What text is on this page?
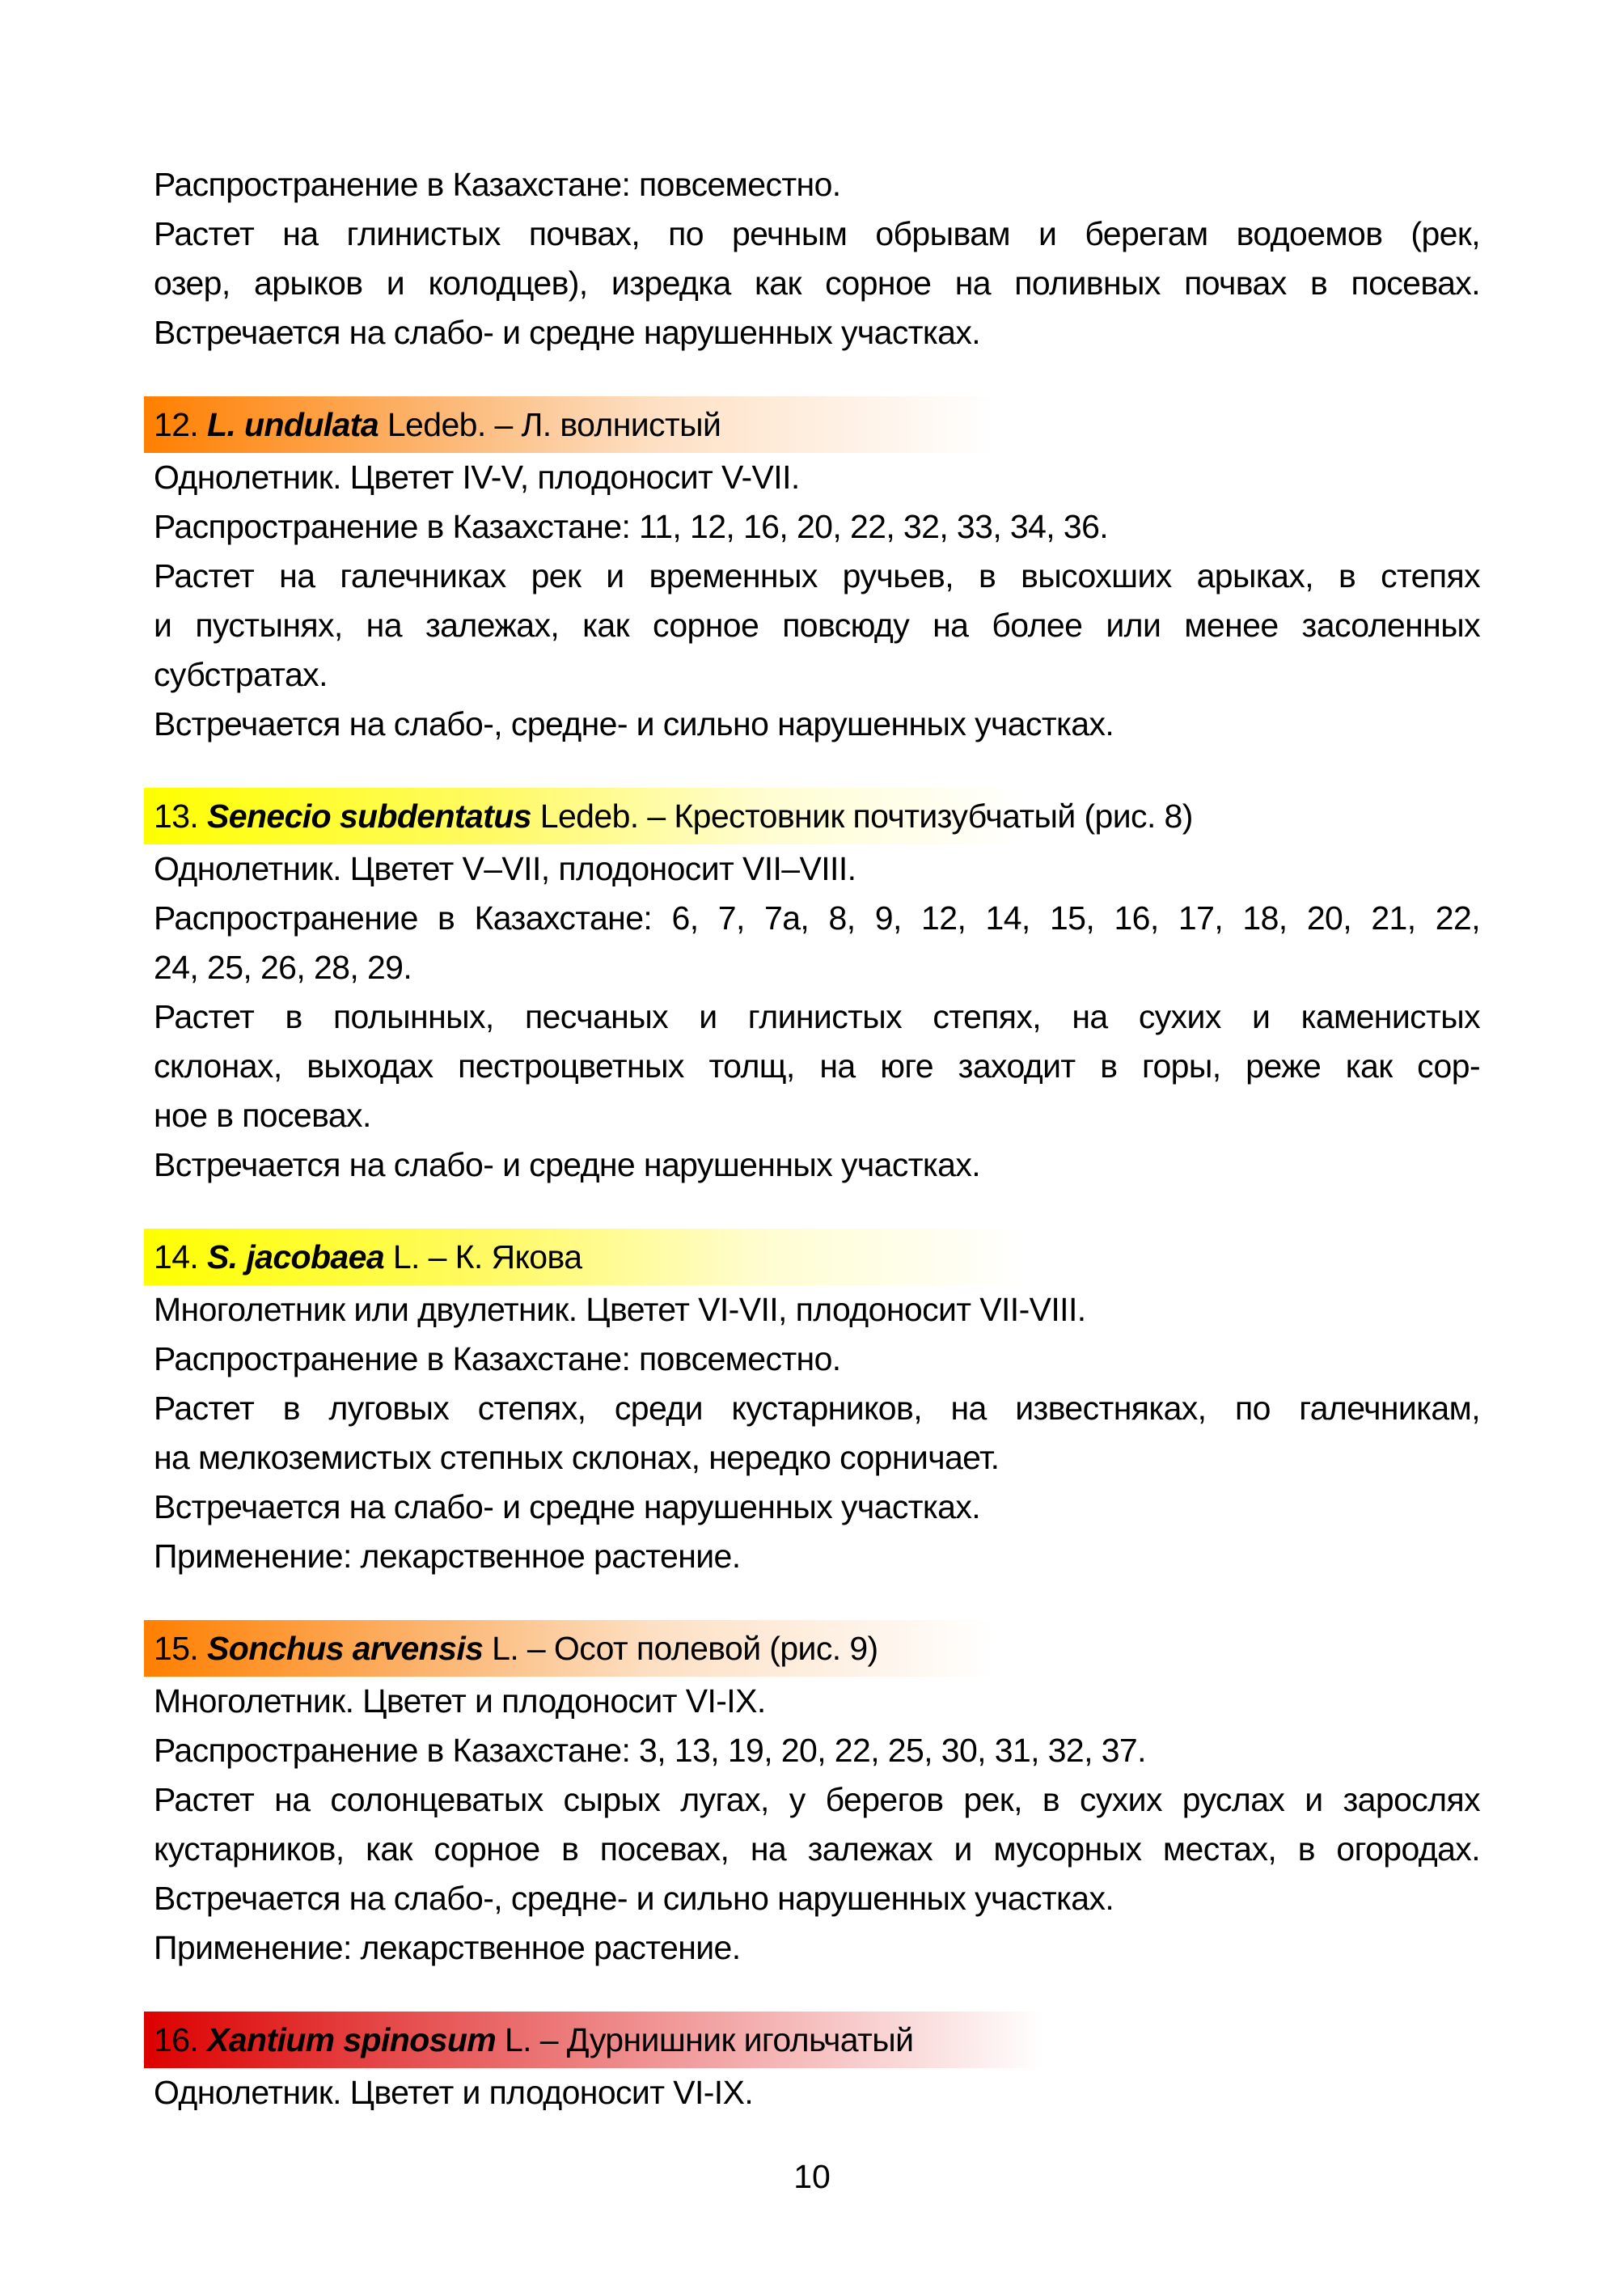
Распространение в Казахстане: повсеместно.
Растет на глинистых почвах, по речным обрывам и берегам водоемов (рек,
озер, арыков и колодцев), изредка как сорное на поливных почвах в посевах.
Встречается на слабо- и средне нарушенных участках.
12. L. undulata Ledeb. – Л. волнистый
Однолетник. Цветет IV-V, плодоносит V-VII.
Распространение в Казахстане: 11, 12, 16, 20, 22, 32, 33, 34, 36.
Растет на галечниках рек и временных ручьев, в высохших арыках, в степях
и пустынях, на залежах, как сорное повсюду на более или менее засоленных
субстратах.
Встречается на слабо-, средне- и сильно нарушенных участках.
13. Senecio subdentatus Ledeb. – Крестовник почтизубчатый (рис. 8)
Однолетник. Цветет V–VII, плодоносит VII–VIII.
Распространение в Казахстане: 6, 7, 7а, 8, 9, 12, 14, 15, 16, 17, 18, 20, 21, 22,
24, 25, 26, 28, 29.
Растет в полынных, песчаных и глинистых степях, на сухих и каменистых
склонах, выходах пестроцветных толщ, на юге заходит в горы, реже как сор-
ное в посевах.
Встречается на слабо- и средне нарушенных участках.
14. S. jacobaea L. – К. Якова
Многолетник или двулетник. Цветет VI-VII, плодоносит VII-VIII.
Распространение в Казахстане: повсеместно.
Растет в луговых степях, среди кустарников, на известняках, по галечникам,
на мелкоземистых степных склонах, нередко сорничает.
Встречается на слабо- и средне нарушенных участках.
Применение: лекарственное растение.
15. Sonchus arvensis L. – Осот полевой (рис. 9)
Многолетник. Цветет и плодоносит VI-IX.
Распространение в Казахстане: 3, 13, 19, 20, 22, 25, 30, 31, 32, 37.
Растет на солонцеватых сырых лугах, у берегов рек, в сухих руслах и зарослях
кустарников, как сорное в посевах, на залежах и мусорных местах, в огородах.
Встречается на слабо-, средне- и сильно нарушенных участках.
Применение: лекарственное растение.
16. Xantium spinosum L. – Дурнишник игольчатый
Однолетник. Цветет и плодоносит VI-IX.
10
